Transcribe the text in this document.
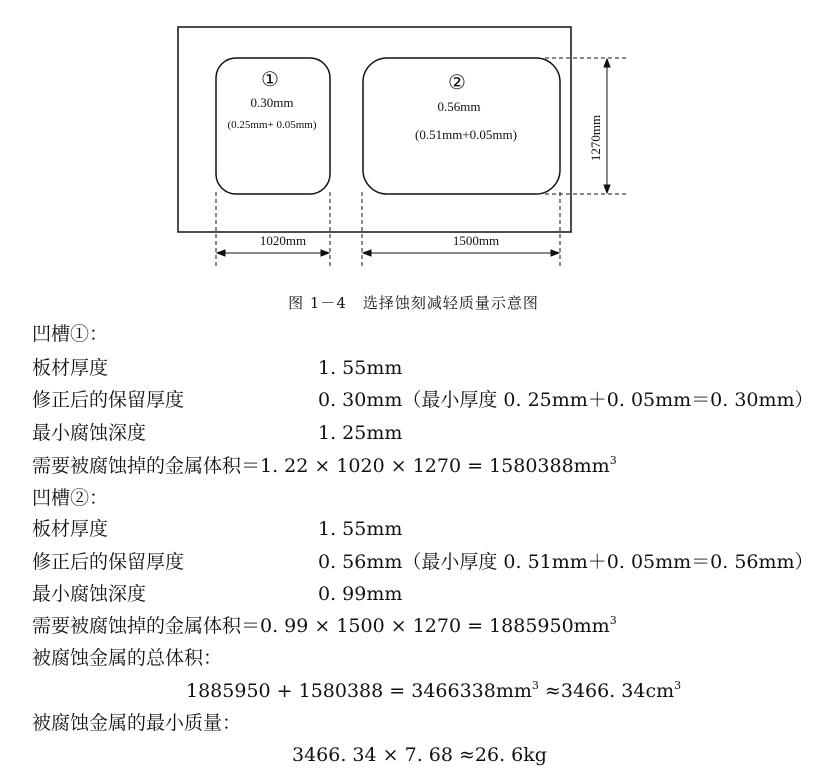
①
0.30mm
(0.25mm+ 0.05mm)
②
0.56mm
(0.51mm+0.05mm)
1020mm	1500mm
1270mm
图 1－4　选择蚀刻减轻质量示意图
凹槽①：
板材厚度	1. 55mm
修正后的保留厚度	0. 30mm（最小厚度 0. 25mm＋0. 05mm＝0. 30mm）
最小腐蚀深度	1. 25mm
需要被腐蚀掉的金属体积＝1. $22 \times 1020 \times 1270 = 1580388mm^3$
凹槽②：
板材厚度	1. 55mm
修正后的保留厚度	0. 56mm（最小厚度 0. 51mm＋0. 05mm＝0. 56mm）
最小腐蚀深度	0. 99mm
需要被腐蚀掉的金属体积＝0. $99 \times 1500 \times 1270 = 1885950mm^3$
被腐蚀金属的总体积：
$1885950 + 1580388 = 3466338mm^3 \approx 3466$. $34cm^3$
被腐蚀金属的最小质量：
3466. 34 × 7. 68 ≈26. 6kg
